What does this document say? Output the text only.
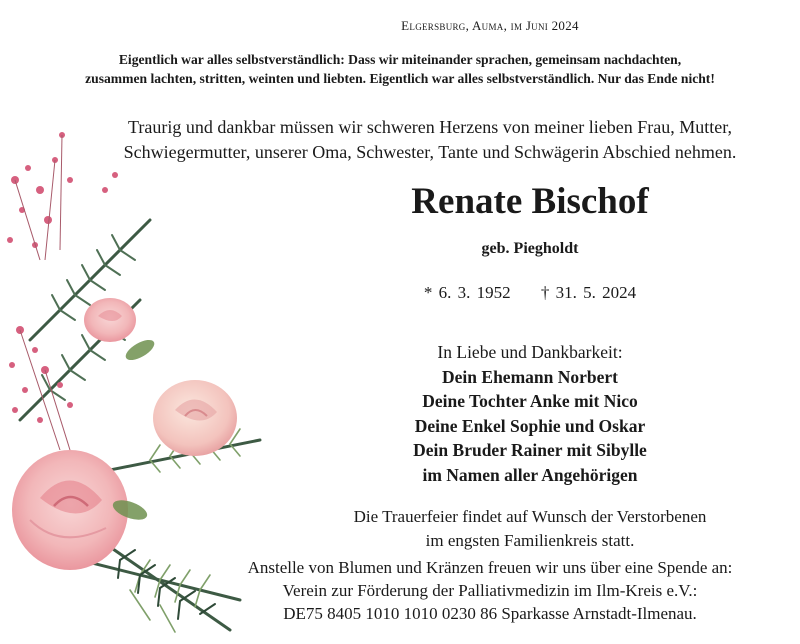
Elgersburg, Auma, im Juni 2024
Eigentlich war alles selbstverständlich: Dass wir miteinander sprachen, gemeinsam nachdachten,
zusammen lachten, stritten, weinten und liebten. Eigentlich war alles selbstverständlich. Nur das Ende nicht!
Traurig und dankbar müssen wir schweren Herzens von meiner lieben Frau, Mutter,
Schwiegermutter, unserer Oma, Schwester, Tante und Schwägerin Abschied nehmen.
Renate Bischof
geb. Piegholdt
* 6. 3. 1952 † 31. 5. 2024
In Liebe und Dankbarkeit:
Dein Ehemann Norbert
Deine Tochter Anke mit Nico
Deine Enkel Sophie und Oskar
Dein Bruder Rainer mit Sibylle
im Namen aller Angehörigen
Die Trauerfeier findet auf Wunsch der Verstorbenen
im engsten Familienkreis statt.
Anstelle von Blumen und Kränzen freuen wir uns über eine Spende an:
Verein zur Förderung der Palliativmedizin im Ilm-Kreis e.V.:
DE75 8405 1010 1010 0230 86 Sparkasse Arnstadt-Ilmenau.
